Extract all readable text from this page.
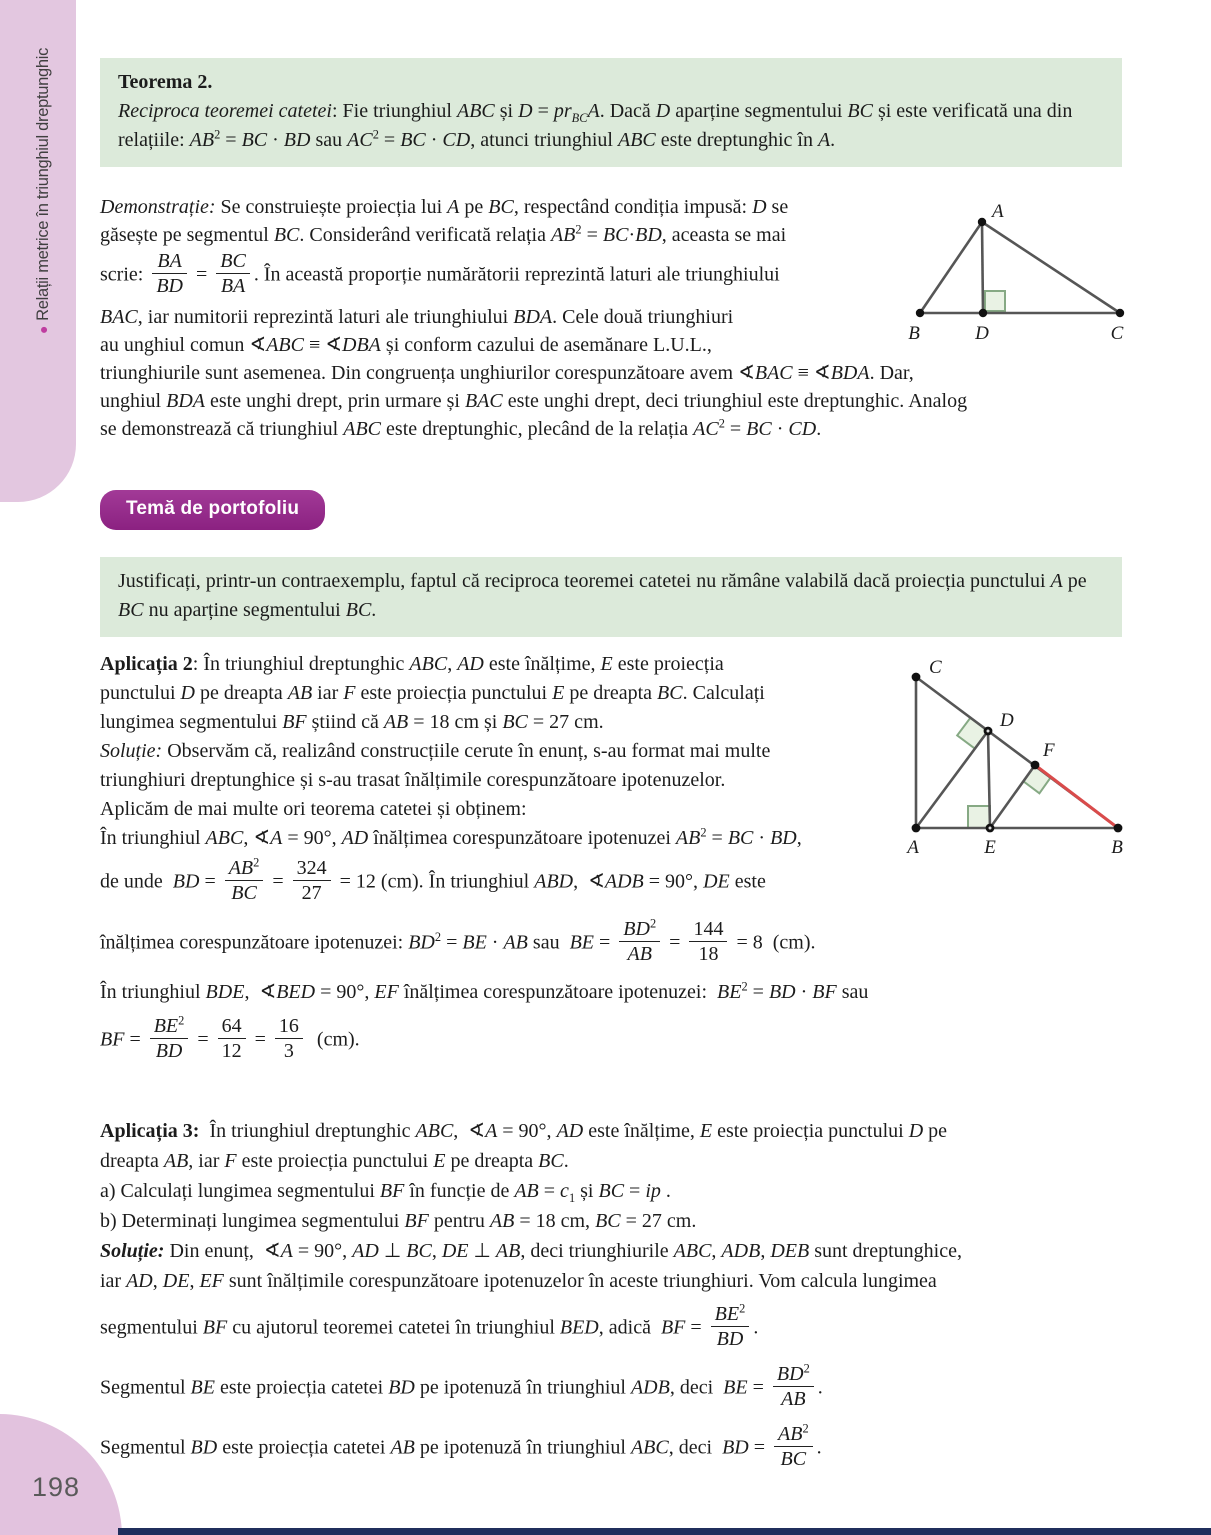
●Relații metrice în triunghiul dreptunghic	Teorema 2.
Reciproca teoremei catetei: Fie triunghiul ABC și $D = pr_{BC}A$. Dacă D aparține segmentului BC și este verificată una din relațiile: $AB^2$ = BC · BD sau $AC^2$ = BC · CD, atunci triunghiul ABC este dreptunghic în A.
Demonstrație: Se construiește proiecția lui A pe BC, respectând condiția impusă: D se
găsește pe segmentul BC. Considerând verificată relația $AB^2 = BC\cdot BD$, aceasta se mai
scrie: $\frac{BA}{BD} = \frac{BC}{BA}$ . În această proporție numărătorii reprezintă laturi ale triunghiului
BAC, iar numitorii reprezintă laturi ale triunghiului BDA. Cele două triunghiuri
au unghiul comun ∢ABC ≡ ∢DBA și conform cazului de asemănare L.U.L.,
triunghiurile sunt asemenea. Din congruența unghiurilor corespunzătoare avem ∢BAC ≡ ∢BDA. Dar,
unghiul BDA este unghi drept, prin urmare și BAC este unghi drept, deci triunghiul este dreptunghic. Analog
se demonstrează că triunghiul ABC este dreptunghic, plecând de la relația $AC^2$ = BC · CD.
A
B	D	C
Temă de portofoliu
Justificați, printr-un contraexemplu, faptul că reciproca teoremei catetei nu rămâne valabilă dacă proiecția punctului A pe BC nu aparține segmentului BC.
Aplicația 2: În triunghiul dreptunghic ABC, AD este înălțime, E este proiecția
punctului D pe dreapta AB iar F este proiecția punctului E pe dreapta BC. Calculați
lungimea segmentului BF știind că AB = 18 cm și BC = 27 cm.
Soluție: Observăm că, realizând construcțiile cerute în enunț, s-au format mai multe
triunghiuri dreptunghice și s-au trasat înălțimile corespunzătoare ipotenuzelor.
Aplicăm de mai multe ori teorema catetei și obținem:
În triunghiul ABC, ∢A = 90°, AD înălțimea corespunzătoare ipotenuzei $AB^2$ = BC · BD,
C
D
F
A	E	B
de unde  BD = $\frac{AB^2}{BC} = \frac{324}{27} = 12$ (cm). În triunghiul ABD,  ∢ADB = 90°, DE este
înălțimea corespunzătoare ipotenuzei: $BD^2$ = BE · AB sau  BE = $\frac{BD^2}{AB} = \frac{144}{18} = 8$  (cm).
În triunghiul BDE,  ∢BED = 90°, EF înălțimea corespunzătoare ipotenuzei:  $BE^2$ = BD · BF sau
BF = $\frac{BE^2}{BD} = \frac{64}{12} = \frac{16}{3} (cm)$.
Aplicația 3:  În triunghiul dreptunghic ABC,  ∢A = 90°, AD este înălțime, E este proiecția punctului D pe
dreapta AB, iar F este proiecția punctului E pe dreapta BC.
a) Calculați lungimea segmentului BF în funcție de AB = $c_1$ și BC = ip .
b) Determinați lungimea segmentului BF pentru AB = 18 cm, BC = 27 cm.
Soluție: Din enunț,  ∢A = 90°, AD ⊥ BC, DE ⊥ AB, deci triunghiurile ABC, ADB, DEB sunt dreptunghice,
iar AD, DE, EF sunt înălțimile corespunzătoare ipotenuzelor în aceste triunghiuri. Vom calcula lungimea
segmentului BF cu ajutorul teoremei catetei în triunghiul BED, adică  BF = $\frac{BE^2}{BD}$ .
Segmentul BE este proiecția catetei BD pe ipotenuză în triunghiul ADB, deci  BE = $\frac{BD^2}{AB}$ .
Segmentul BD este proiecția catetei AB pe ipotenuză în triunghiul ABC, deci  BD = $\frac{AB^2}{BC}$ .
198
